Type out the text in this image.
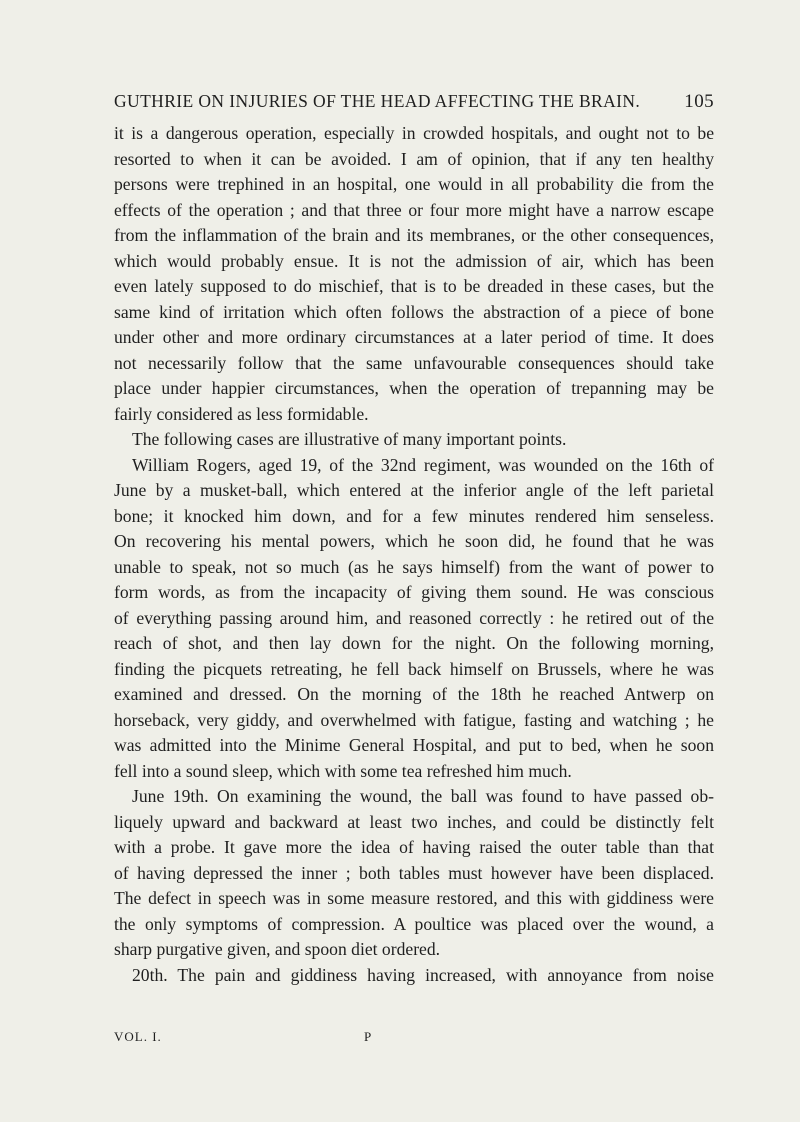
GUTHRIE ON INJURIES OF THE HEAD AFFECTING THE BRAIN. 105
it is a dangerous operation, especially in crowded hospitals, and ought not to be
resorted to when it can be avoided. I am of opinion, that if any ten healthy
persons were trephined in an hospital, one would in all probability die from the
effects of the operation ; and that three or four more might have a narrow escape
from the inflammation of the brain and its membranes, or the other consequences,
which would probably ensue. It is not the admission of air, which has been
even lately supposed to do mischief, that is to be dreaded in these cases, but the
same kind of irritation which often follows the abstraction of a piece of bone
under other and more ordinary circumstances at a later period of time. It does
not necessarily follow that the same unfavourable consequences should take
place under happier circumstances, when the operation of trepanning may be
fairly considered as less formidable.
The following cases are illustrative of many important points.
William Rogers, aged 19, of the 32nd regiment, was wounded on the 16th of
June by a musket-ball, which entered at the inferior angle of the left parietal
bone; it knocked him down, and for a few minutes rendered him senseless.
On recovering his mental powers, which he soon did, he found that he was
unable to speak, not so much (as he says himself) from the want of power to
form words, as from the incapacity of giving them sound. He was conscious
of everything passing around him, and reasoned correctly : he retired out of the
reach of shot, and then lay down for the night. On the following morning,
finding the picquets retreating, he fell back himself on Brussels, where he was
examined and dressed. On the morning of the 18th he reached Antwerp on
horseback, very giddy, and overwhelmed with fatigue, fasting and watching ; he
was admitted into the Minime General Hospital, and put to bed, when he soon
fell into a sound sleep, which with some tea refreshed him much.
June 19th. On examining the wound, the ball was found to have passed ob-
liquely upward and backward at least two inches, and could be distinctly felt
with a probe. It gave more the idea of having raised the outer table than that
of having depressed the inner ; both tables must however have been displaced.
The defect in speech was in some measure restored, and this with giddiness were
the only symptoms of compression. A poultice was placed over the wound, a
sharp purgative given, and spoon diet ordered.
20th. The pain and giddiness having increased, with annoyance from noise
VOL. I.	P
